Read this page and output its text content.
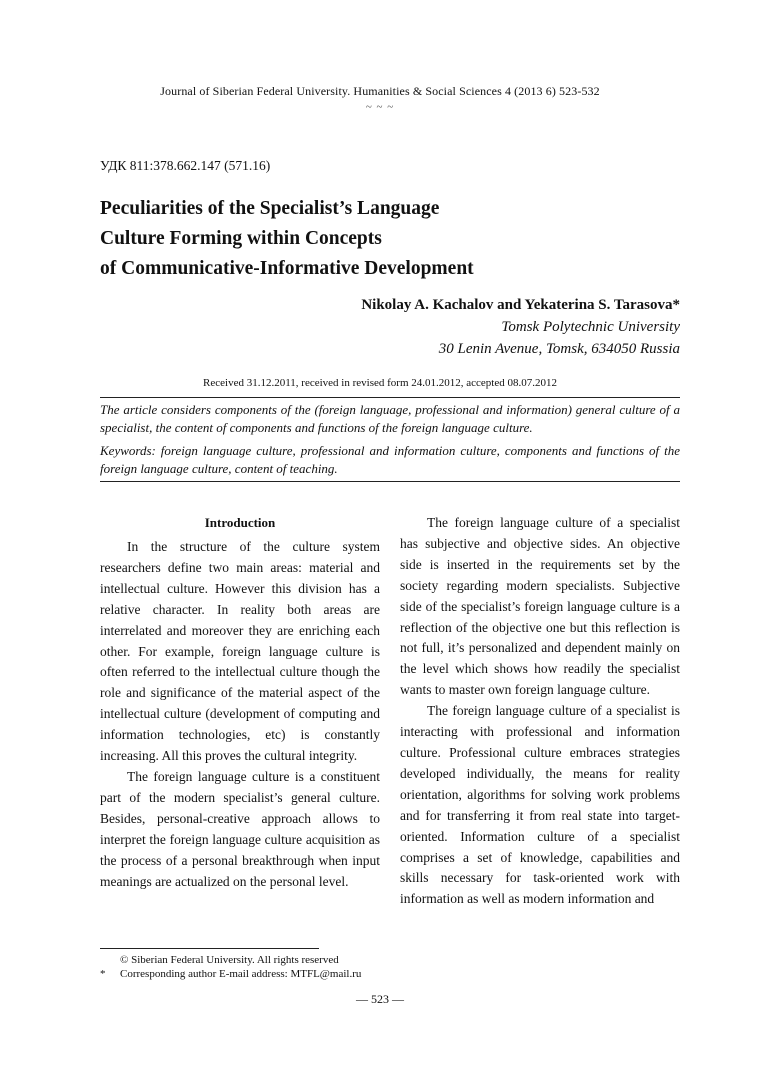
Journal of Siberian Federal University. Humanities & Social Sciences 4 (2013 6) 523-532
~ ~ ~
УДК 811:378.662.147 (571.16)
Peculiarities of the Specialist’s Language
Culture Forming within Concepts
of Communicative-Informative Development
Nikolay A. Kachalov and Yekaterina S. Tarasova*
Tomsk Polytechnic University
30 Lenin Avenue, Tomsk, 634050 Russia
Received 31.12.2011, received in revised form 24.01.2012, accepted 08.07.2012
The article considers components of the (foreign language, professional and information) general culture of a specialist, the content of components and functions of the foreign language culture.
Keywords: foreign language culture, professional and information culture, components and functions of the foreign language culture, content of teaching.
Introduction

In the structure of the culture system researchers define two main areas: material and intellectual culture. However this division has a relative character. In reality both areas are interrelated and moreover they are enriching each other. For example, foreign language culture is often referred to the intellectual culture though the role and significance of the material aspect of the intellectual culture (development of computing and information technologies, etc) is constantly increasing. All this proves the cultural integrity.

The foreign language culture is a constituent part of the modern specialist’s general culture. Besides, personal-creative approach allows to interpret the foreign language culture acquisition as the process of a personal breakthrough when input meanings are actualized on the personal level.

The foreign language culture of a specialist has subjective and objective sides. An objective side is inserted in the requirements set by the society regarding modern specialists. Subjective side of the specialist’s foreign language culture is a reflection of the objective one but this reflection is not full, it’s personalized and dependent mainly on the level which shows how readily the specialist wants to master own foreign language culture.

The foreign language culture of a specialist is interacting with professional and information culture. Professional culture embraces strategies developed individually, the means for reality orientation, algorithms for solving work problems and for transferring it from real state into target-oriented. Information culture of a specialist comprises a set of knowledge, capabilities and skills necessary for task-oriented work with information as well as modern information and

© Siberian Federal University. All rights reserved
* Corresponding author E-mail address: MTFL@mail.ru
— 523 —
